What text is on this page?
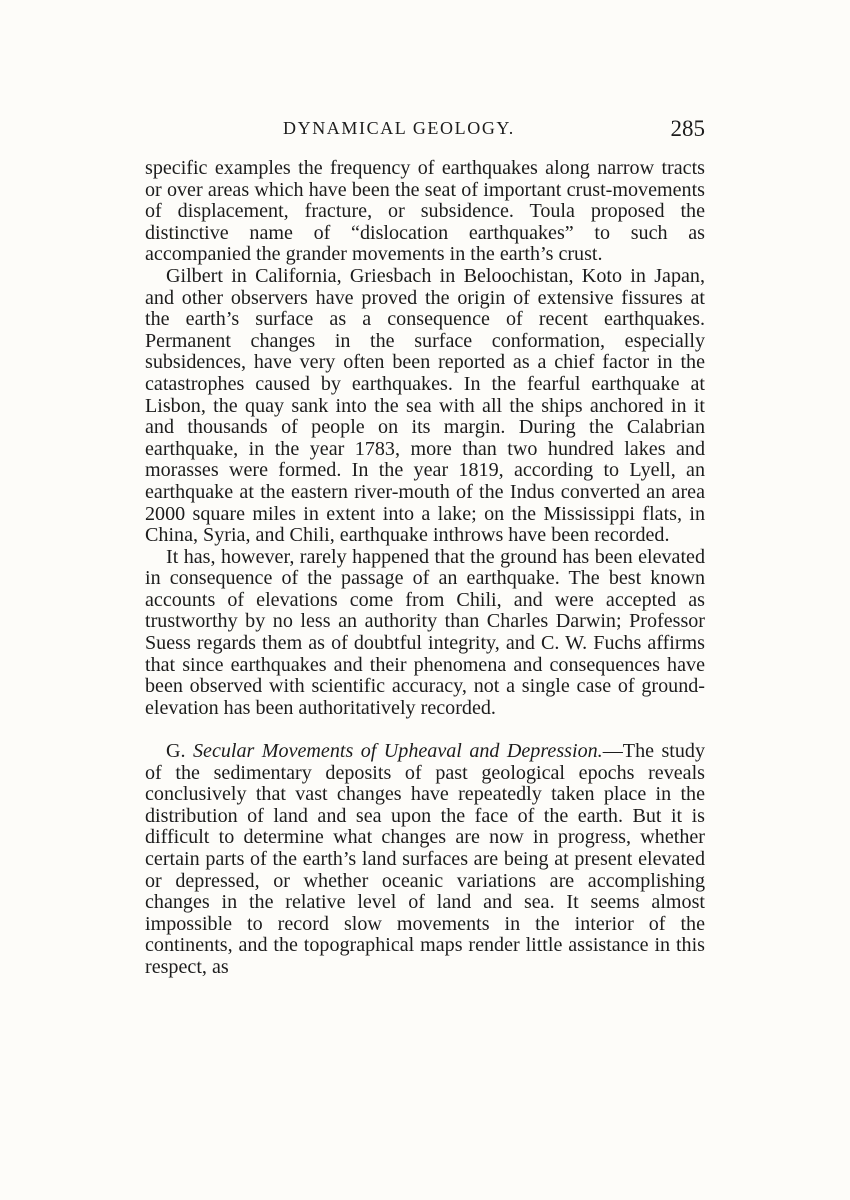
DYNAMICAL GEOLOGY.	285

specific examples the frequency of earthquakes along narrow tracts or over areas which have been the seat of important crust-movements of displacement, fracture, or subsidence. Toula proposed the distinctive name of “dislocation earthquakes” to such as accompanied the grander movements in the earth’s crust.

Gilbert in California, Griesbach in Beloochistan, Koto in Japan, and other observers have proved the origin of extensive fissures at the earth’s surface as a consequence of recent earthquakes. Permanent changes in the surface conformation, especially subsidences, have very often been reported as a chief factor in the catastrophes caused by earthquakes. In the fearful earthquake at Lisbon, the quay sank into the sea with all the ships anchored in it and thousands of people on its margin. During the Calabrian earthquake, in the year 1783, more than two hundred lakes and morasses were formed. In the year 1819, according to Lyell, an earthquake at the eastern river-mouth of the Indus converted an area 2000 square miles in extent into a lake; on the Mississippi flats, in China, Syria, and Chili, earthquake inthrows have been recorded.

It has, however, rarely happened that the ground has been elevated in consequence of the passage of an earthquake. The best known accounts of elevations come from Chili, and were accepted as trustworthy by no less an authority than Charles Darwin; Professor Suess regards them as of doubtful integrity, and C. W. Fuchs affirms that since earthquakes and their phenomena and consequences have been observed with scientific accuracy, not a single case of ground-elevation has been authoritatively recorded.

G. Secular Movements of Upheaval and Depression.—The study of the sedimentary deposits of past geological epochs reveals conclusively that vast changes have repeatedly taken place in the distribution of land and sea upon the face of the earth. But it is difficult to determine what changes are now in progress, whether certain parts of the earth’s land surfaces are being at present elevated or depressed, or whether oceanic variations are accomplishing changes in the relative level of land and sea. It seems almost impossible to record slow movements in the interior of the continents, and the topographical maps render little assistance in this respect, as
